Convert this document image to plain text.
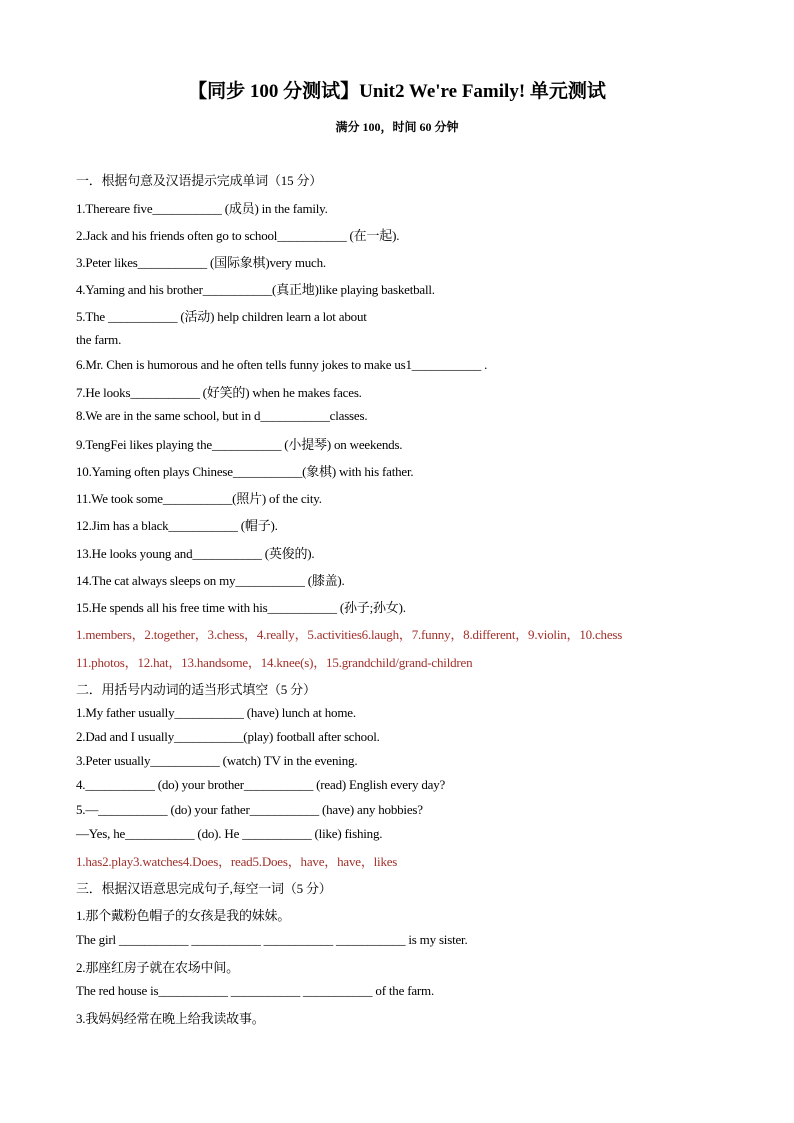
【同步 100 分测试】Unit2 We're Family! 单元测试
满分 100，时间 60 分钟
一．根据句意及汉语提示完成单词（15 分）
1.Thereare five___________ (成员) in the family.
2.Jack and his friends often go to school___________ (在一起).
3.Peter likes___________ (国际象棋)very much.
4.Yaming and his brother___________(真正地)like playing basketball.
5.The ___________ (活动) help children learn a lot about
the farm.
6.Mr. Chen is humorous and he often tells funny jokes to make us1___________ .
7.He looks___________ (好笑的) when he makes faces.
8.We are in the same school, but in d___________classes.
9.TengFei likes playing the___________ (小提琴) on weekends.
10.Yaming often plays Chinese___________(象棋) with his father.
11.We took some___________(照片) of the city.
12.Jim has a black___________ (帽子).
13.He looks young and___________ (英俊的).
14.The cat always sleeps on my___________ (膝盖).
15.He spends all his free time with his___________ (孙子;孙女).
1.members，2.together，3.chess，4.really，5.activities6.laugh，7.funny，8.different，9.violin，10.chess
11.photos，12.hat，13.handsome，14.knee(s)，15.grandchild/grand-children
二．用括号内动词的适当形式填空（5 分）
1.My father usually___________ (have) lunch at home.
2.Dad and I usually___________(play) football after school.
3.Peter usually___________ (watch) TV in the evening.
4.___________ (do) your brother___________ (read) English every day?
5.—___________ (do) your father___________ (have) any hobbies?
—Yes, he___________ (do). He ___________ (like) fishing.
1.has2.play3.watches4.Does，read5.Does，have，have，likes
三．根据汉语意思完成句子,每空一词（5 分）
1.那个戴粉色帽子的女孩是我的妹妹。
The girl ___________ ___________ ___________ ___________ is my sister.
2.那座红房子就在农场中间。
The red house is___________ ___________ ___________ of the farm.
3.我妈妈经常在晚上给我读故事。
